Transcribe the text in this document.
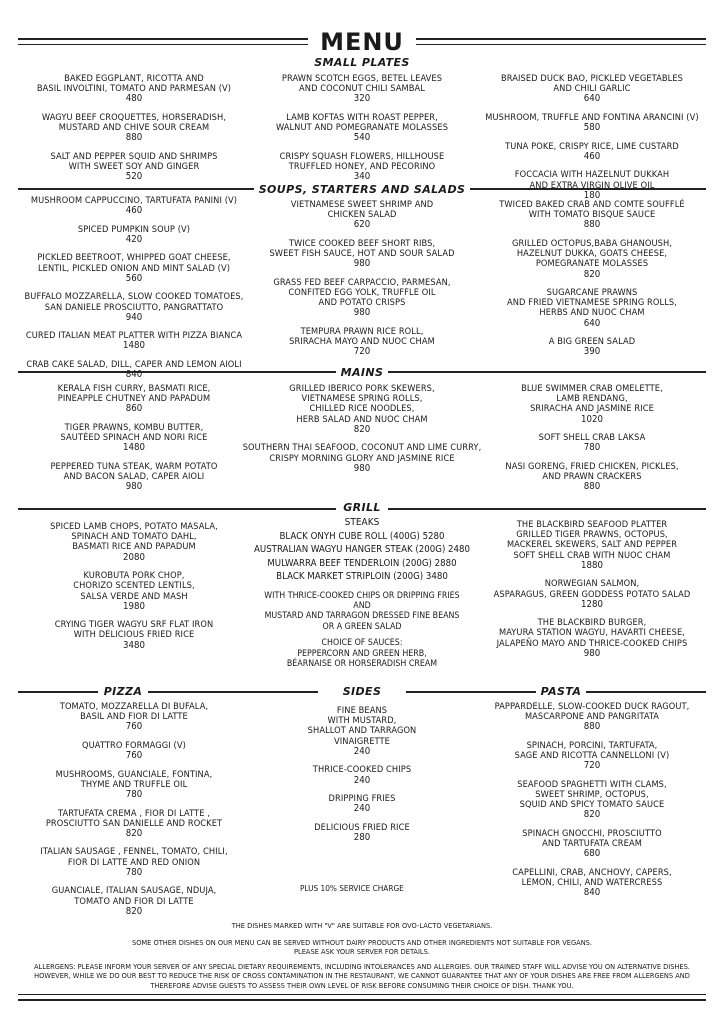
MENU
SMALL PLATES
BAKED EGGPLANT, RICOTTA AND
BASIL INVOLTINI, TOMATO AND PARMESAN (V)
480
WAGYU BEEF CROQUETTES, HORSERADISH,
MUSTARD AND CHIVE SOUR CREAM
880
SALT AND PEPPER SQUID AND SHRIMPS
WITH SWEET SOY AND GINGER
520
PRAWN SCOTCH EGGS, BETEL LEAVES
AND COCONUT CHILI SAMBAL
320
LAMB KOFTAS WITH ROAST PEPPER,
WALNUT AND POMEGRANATE MOLASSES
540
CRISPY SQUASH FLOWERS, HILLHOUSE
TRUFFLED HONEY, AND PECORINO
340
BRAISED DUCK BAO, PICKLED VEGETABLES
AND CHILI GARLIC
640
MUSHROOM, TRUFFLE AND FONTINA ARANCINI (V)
580
TUNA POKE, CRISPY RICE, LIME CUSTARD
460
FOCCACIA WITH HAZELNUT DUKKAH
AND EXTRA VIRGIN OLIVE OIL
180
SOUPS, STARTERS AND SALADS
MUSHROOM CAPPUCCINO, TARTUFATA PANINI (V)
460
SPICED PUMPKIN SOUP (V)
420
PICKLED BEETROOT, WHIPPED GOAT CHEESE,
LENTIL, PICKLED ONION AND MINT SALAD (V)
560
BUFFALO MOZZARELLA, SLOW COOKED TOMATOES,
SAN DANIELE PROSCIUTTO, PANGRATTATO
940
CURED ITALIAN MEAT PLATTER WITH PIZZA BIANCA
1480
CRAB CAKE SALAD, DILL, CAPER AND LEMON AIOLI
840
VIETNAMESE SWEET SHRIMP AND
CHICKEN SALAD
620
TWICE COOKED BEEF SHORT RIBS,
SWEET FISH SAUCE, HOT AND SOUR SALAD
980
GRASS FED BEEF CARPACCIO, PARMESAN,
CONFITED EGG YOLK, TRUFFLE OIL
AND POTATO CRISPS
980
TEMPURA PRAWN RICE ROLL,
SRIRACHA MAYO AND NUOC CHAM
720
TWICED BAKED CRAB AND COMTE SOUFFLÉ
WITH TOMATO BISQUE SAUCE
880
GRILLED OCTOPUS,BABA GHANOUSH,
HAZELNUT DUKKA, GOATS CHEESE,
POMEGRANATE MOLASSES
820
SUGARCANE PRAWNS
AND FRIED VIETNAMESE SPRING ROLLS,
HERBS AND NUOC CHAM
640
A BIG GREEN SALAD
390
MAINS
KERALA FISH CURRY, BASMATI RICE,
PINEAPPLE CHUTNEY AND PAPADUM
860
TIGER PRAWNS, KOMBU BUTTER,
SAUTÉED SPINACH AND NORI RICE
1480
PEPPERED TUNA STEAK, WARM POTATO
AND BACON SALAD, CAPER AIOLI
980
GRILLED IBERICO PORK SKEWERS,
VIETNAMESE SPRING ROLLS,
CHILLED RICE NOODLES,
HERB SALAD AND NUOC CHAM
820
SOUTHERN THAI SEAFOOD, COCONUT AND LIME CURRY,
CRISPY MORNING GLORY AND JASMINE RICE
980
BLUE SWIMMER CRAB OMELETTE,
LAMB RENDANG,
SRIRACHA AND JASMINE RICE
1020
SOFT SHELL CRAB LAKSA
780
NASI GORENG, FRIED CHICKEN, PICKLES,
AND PRAWN CRACKERS
880
GRILL
SPICED LAMB CHOPS, POTATO MASALA,
SPINACH AND TOMATO DAHL,
BASMATI RICE AND PAPADUM
2080
KUROBUTA PORK CHOP,
CHORIZO SCENTED LENTILS,
SALSA VERDE AND MASH
1980
CRYING TIGER WAGYU SRF FLAT IRON
WITH DELICIOUS FRIED RICE
3480
STEAKS
BLACK ONYH CUBE ROLL (400G) 5280
AUSTRALIAN WAGYU HANGER STEAK (200G) 2480
MULWARRA BEEF TENDERLOIN (200G) 2880
BLACK MARKET STRIPLOIN (200G) 3480
WITH THRICE-COOKED CHIPS OR DRIPPING FRIES
AND
MUSTARD AND TARRAGON DRESSED FINE BEANS
OR A GREEN SALAD
CHOICE OF SAUCES:
PEPPERCORN AND GREEN HERB,
BÉARNAISE OR HORSERADISH CREAM
THE BLACKBIRD SEAFOOD PLATTER
GRILLED TIGER PRAWNS, OCTOPUS,
MACKEREL SKEWERS, SALT AND PEPPER
SOFT SHELL CRAB WITH NUOC CHAM
1880
NORWEGIAN SALMON,
ASPARAGUS, GREEN GODDESS POTATO SALAD
1280
THE BLACKBIRD BURGER,
MAYURA STATION WAGYU, HAVARTI CHEESE,
JALAPEÑO MAYO AND THRICE-COOKED CHIPS
980
PIZZA	SIDES	PASTA
TOMATO, MOZZARELLA DI BUFALA,
BASIL AND FIOR DI LATTE
760
QUATTRO FORMAGGI (V)
760
MUSHROOMS, GUANCIALE, FONTINA,
THYME AND TRUFFLE OIL
780
TARTUFATA CREMA , FIOR DI LATTE ,
PROSCIUTTO SAN DANIELLE AND ROCKET
820
ITALIAN SAUSAGE , FENNEL, TOMATO, CHILI,
FIOR DI LATTE AND RED ONION
780
GUANCIALE, ITALIAN SAUSAGE, NDUJA,
TOMATO AND FIOR DI LATTE
820
FINE BEANS
WITH MUSTARD,
SHALLOT AND TARRAGON
VINAIGRETTE
240
THRICE-COOKED CHIPS
240
DRIPPING FRIES
240
DELICIOUS FRIED RICE
280
PLUS 10% SERVICE CHARGE
PAPPARDELLE, SLOW-COOKED DUCK RAGOUT,
MASCARPONE AND PANGRITATA
880
SPINACH, PORCINI, TARTUFATA,
SAGE AND RICOTTA CANNELLONI (V)
720
SEAFOOD SPAGHETTI WITH CLAMS,
SWEET SHRIMP, OCTOPUS,
SQUID AND SPICY TOMATO SAUCE
820
SPINACH GNOCCHI, PROSCIUTTO
AND TARTUFATA CREAM
680
CAPELLINI, CRAB, ANCHOVY, CAPERS,
LEMON, CHILI, AND WATERCRESS
840
THE DISHES MARKED WITH "V" ARE SUITABLE FOR OVO-LACTO VEGETARIANS.
SOME OTHER DISHES ON OUR MENU CAN BE SERVED WITHOUT DAIRY PRODUCTS AND OTHER INGREDIENTS NOT SUITABLE FOR VEGANS.
PLEASE ASK YOUR SERVER FOR DETAILS.
ALLERGENS: PLEASE INFORM YOUR SERVER OF ANY SPECIAL DIETARY REQUIREMENTS, INCLUDING INTOLERANCES AND ALLERGIES. OUR TRAINED STAFF WILL ADVISE YOU ON ALTERNATIVE DISHES. HOWEVER, WHILE WE DO OUR BEST TO REDUCE THE RISK OF CROSS CONTAMINATION IN THE RESTAURANT, WE CANNOT GUARANTEE THAT ANY OF YOUR DISHES ARE FREE FROM ALLERGENS AND THEREFORE ADVISE GUESTS TO ASSESS THEIR OWN LEVEL OF RISK BEFORE CONSUMING THEIR CHOICE OF DISH. THANK YOU.
